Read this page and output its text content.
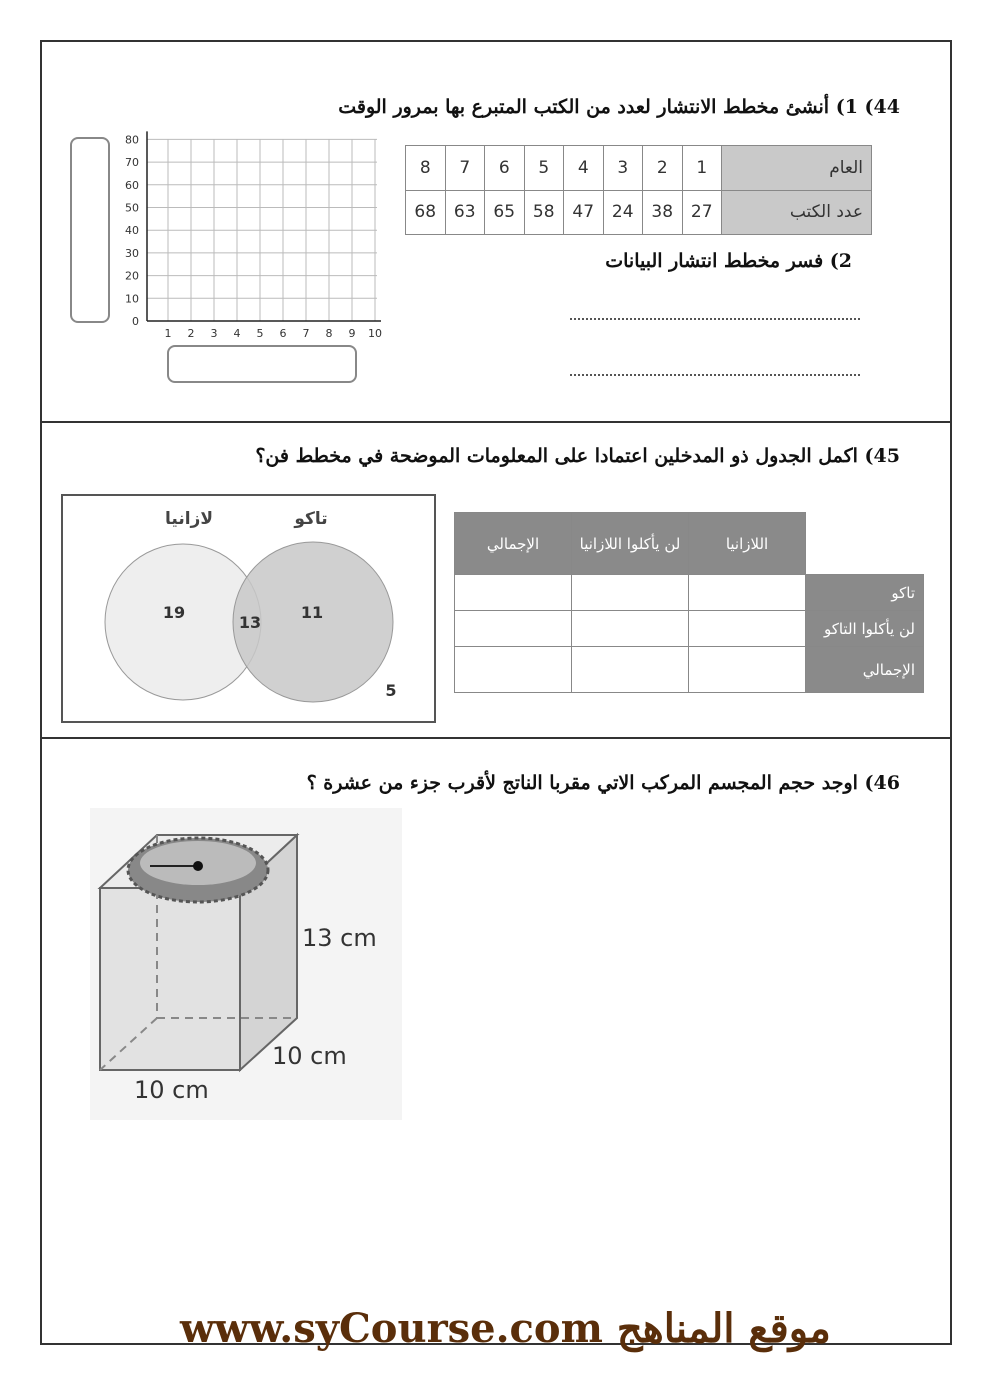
44) 1) أنشئ مخطط الانتشار لعدد من الكتب المتبرع بها بمرور الوقت
8	7	6	5	4	3	2	1	العام
68	63	65	58	47	24	38	27	عدد الكتب
2) فسر مخطط انتشار البيانات
0
10
20
30
40
50
60
70
80
1 2 3 4 5 6 7 8 9 10
45) اكمل الجدول ذو المدخلين اعتمادا على المعلومات الموضحة في مخطط فن؟
لازانيا	تاكو
19
13
11
5
الإجمالي	لن يأكلوا اللازانيا	اللازانيا	
			تاكو
			لن يأكلوا التاكو
			الإجمالي
46) اوجد حجم المجسم المركب الاتي مقربا الناتج لأقرب جزء من عشرة ؟
13 cm
10 cm
10 cm
www.syCourse.com موقع المناهج
